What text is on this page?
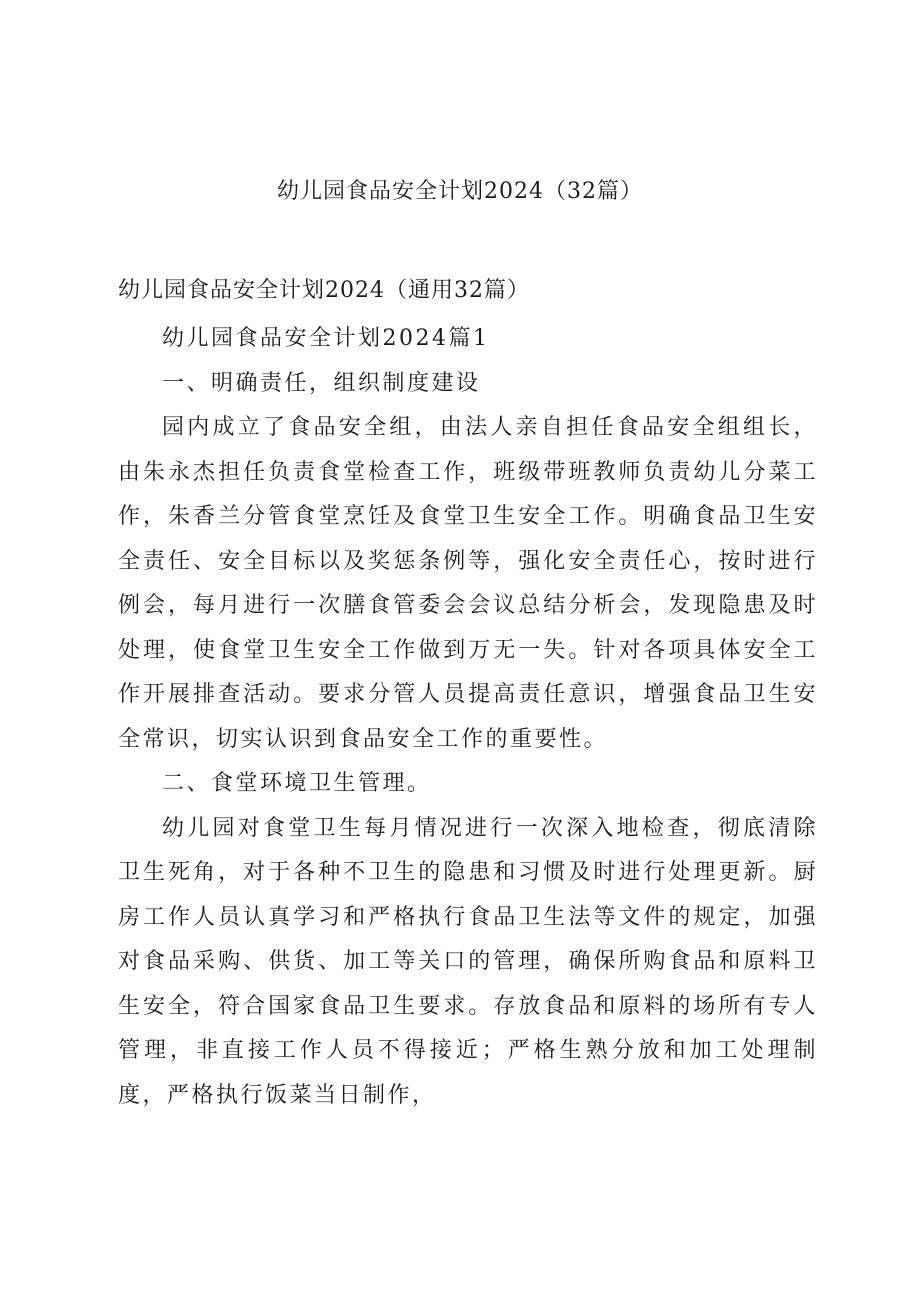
幼儿园食品安全计划2024（32篇）
幼儿园食品安全计划2024（通用32篇）

幼儿园食品安全计划2024篇1

一、明确责任，组织制度建设

园内成立了食品安全组，由法人亲自担任食品安全组组长，由朱永杰担任负责食堂检查工作，班级带班教师负责幼儿分菜工作，朱香兰分管食堂烹饪及食堂卫生安全工作。明确食品卫生安全责任、安全目标以及奖惩条例等，强化安全责任心，按时进行例会，每月进行一次膳食管委会会议总结分析会，发现隐患及时处理，使食堂卫生安全工作做到万无一失。针对各项具体安全工作开展排查活动。要求分管人员提高责任意识，增强食品卫生安全常识，切实认识到食品安全工作的重要性。

二、食堂环境卫生管理。

幼儿园对食堂卫生每月情况进行一次深入地检查，彻底清除卫生死角，对于各种不卫生的隐患和习惯及时进行处理更新。厨房工作人员认真学习和严格执行食品卫生法等文件的规定，加强对食品采购、供货、加工等关口的管理，确保所购食品和原料卫生安全，符合国家食品卫生要求。存放食品和原料的场所有专人管理，非直接工作人员不得接近；严格生熟分放和加工处理制度，严格执行饭菜当日制作，
